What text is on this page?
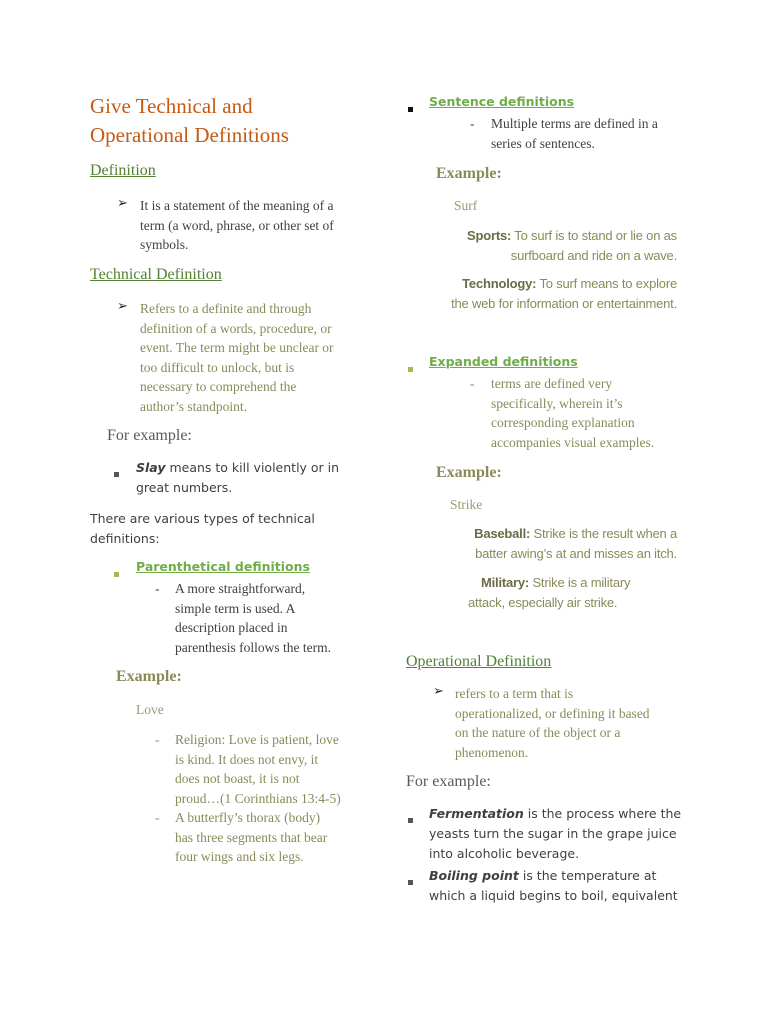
Give Technical and
Operational Definitions
Definition
➢ It is a statement of the meaning of a
term (a word, phrase, or other set of
symbols.
Technical Definition
➢ Refers to a definite and through
definition of a words, procedure, or
event. The term might be unclear or
too difficult to unlock, but is
necessary to comprehend the
author’s standpoint.
For example:
Slay means to kill violently or in
great numbers.
There are various types of technical
definitions:
Parenthetical definitions
- A more straightforward,
simple term is used. A
description placed in
parenthesis follows the term.
Example:
Love
- Religion: Love is patient, love
is kind. It does not envy, it
does not boast, it is not
proud…(1 Corinthians 13:4-5)
- A butterfly’s thorax (body)
has three segments that bear
four wings and six legs.
Sentence definitions
- Multiple terms are defined in a
series of sentences.
Example:
Surf
Sports: To surf is to stand or lie on as
surfboard and ride on a wave.
Technology: To surf means to explore
the web for information or entertainment.
Expanded definitions
- terms are defined very
specifically, wherein it’s
corresponding explanation
accompanies visual examples.
Example:
Strike
Baseball: Strike is the result when a
batter awing’s at and misses an itch.
Military: Strike is a military
attack, especially air strike.
Operational Definition
➢ refers to a term that is
operationalized, or defining it based
on the nature of the object or a
phenomenon.
For example:
Fermentation is the process where the
yeasts turn the sugar in the grape juice
into alcoholic beverage.
Boiling point is the temperature at
which a liquid begins to boil, equivalent
